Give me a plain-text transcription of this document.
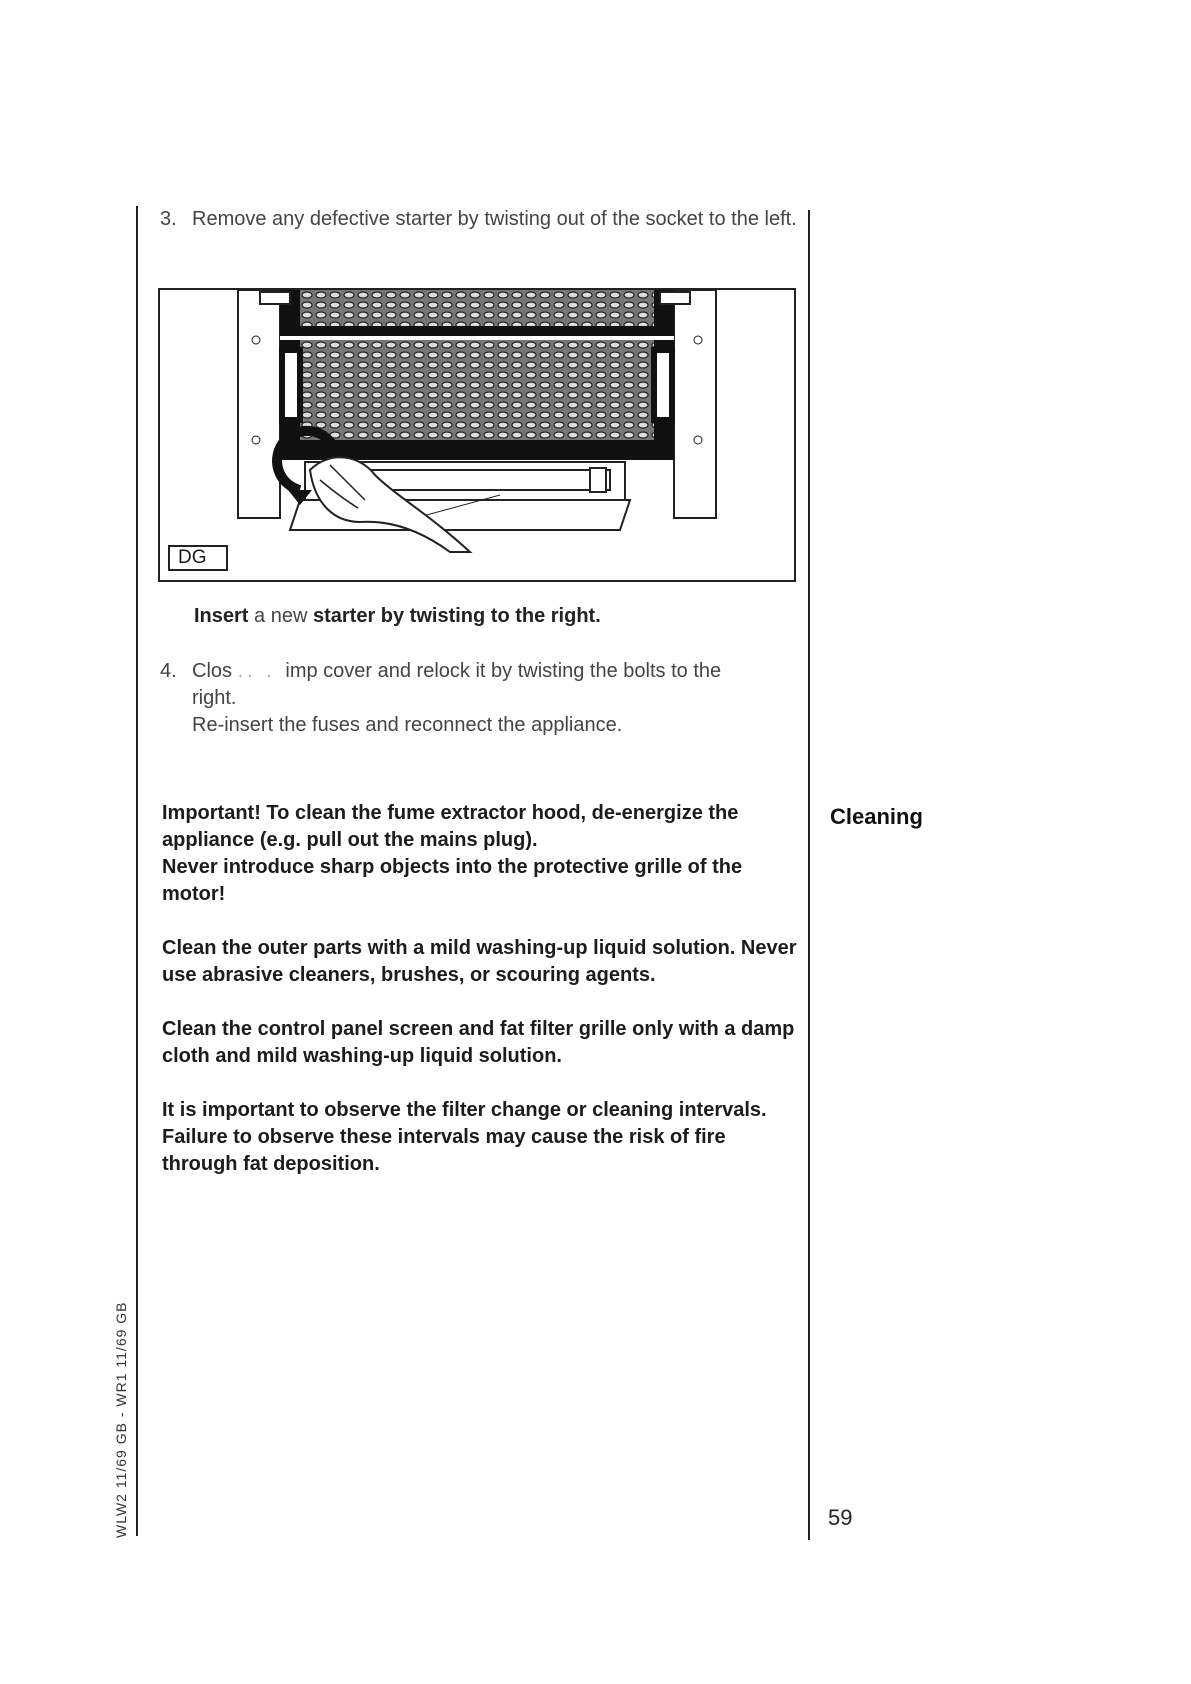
3. Remove any defective starter by twisting out of the socket to the left.
DG
Insert a new starter by twisting to the right.
4. Clos .. . imp cover and relock it by twisting the bolts to the
right.
Re-insert the fuses and reconnect the appliance.
Cleaning

Important! To clean the fume extractor hood, de-energize the appliance (e.g. pull out the mains plug).

Never introduce sharp objects into the protective grille of the motor!

Clean the outer parts with a mild washing-up liquid solution. Never use abrasive cleaners, brushes, or scouring agents.
Clean the control panel screen and fat filter grille only with a damp cloth and mild washing-up liquid solution.
It is important to observe the filter change or cleaning intervals. Failure to observe these intervals may cause the risk of fire through fat deposition.
59
WLW2 11/69 GB - WR1 11/69 GB
